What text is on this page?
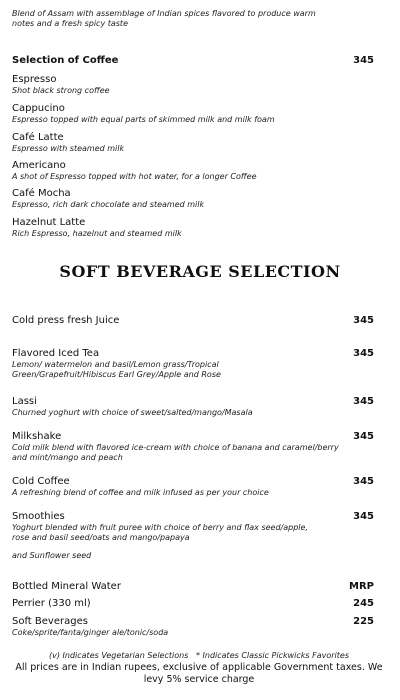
Blend of Assam with assemblage of Indian spices flavored to produce warm notes and a fresh spicy taste
Selection of Coffee	345
Espresso
Shot black strong coffee
Cappucino
Espresso topped with equal parts of skimmed milk and milk foam
Café Latte
Espresso with steamed milk
Americano
A shot of Espresso topped with hot water, for a longer Coffee
Café Mocha
Espresso, rich dark chocolate and steamed milk
Hazelnut Latte
Rich Espresso, hazelnut and steamed milk
SOFT BEVERAGE SELECTION
Cold press fresh Juice	345
Flavored Iced Tea	345
Lemon/ watermelon and basil/Lemon grass/Tropical Green/Grapefruit/Hibiscus Earl Grey/Apple and Rose
Lassi	345
Churned yoghurt with choice of sweet/salted/mango/Masala
Milkshake	345
Cold milk blend with flavored ice-cream with choice of banana and caramel/berry and mint/mango and peach
Cold Coffee	345
A refreshing blend of coffee and milk infused as per your choice
Smoothies	345
Yoghurt blended with fruit puree with choice of berry and flax seed/apple, rose and basil seed/oats and mango/papaya
and Sunflower seed
Bottled Mineral Water	MRP
Perrier (330 ml)	245
Soft Beverages	225
Coke/sprite/fanta/ginger ale/tonic/soda
(v) Indicates Vegetarian Selections   * Indicates Classic Pickwicks Favorites
All prices are in Indian rupees, exclusive of applicable Government taxes. We levy 5% service charge
